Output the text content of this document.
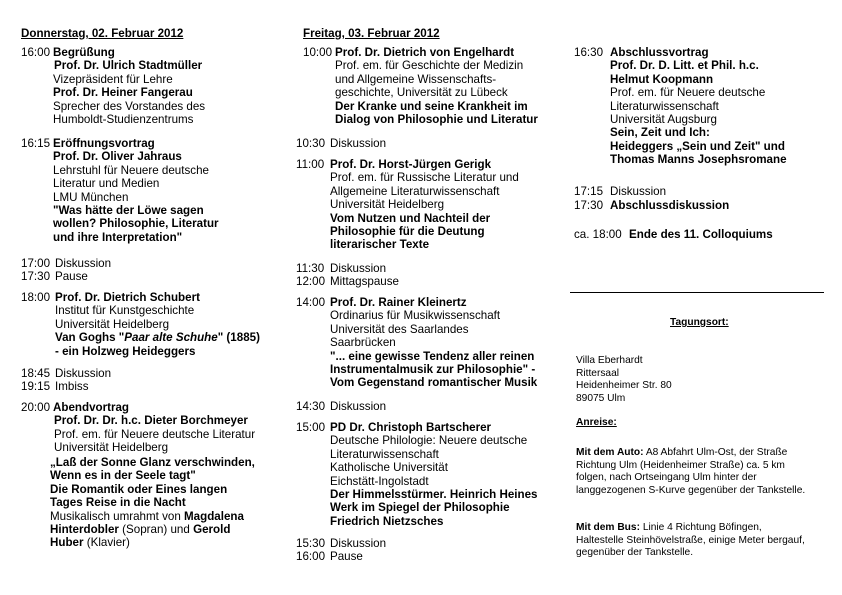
Donnerstag, 02. Februar 2012
16:00 Begrüßung
Prof. Dr. Ulrich Stadtmüller
Vizepräsident für Lehre
Prof. Dr. Heiner Fangerau
Sprecher des Vorstandes des
Humboldt-Studienzentrums
16:15 Eröffnungsvortrag
Prof. Dr. Oliver Jahraus
Lehrstuhl für Neuere deutsche
Literatur und Medien
LMU München
"Was hätte der Löwe sagen
wollen? Philosophie, Literatur
und ihre Interpretation"
17:00 Diskussion
17:30 Pause
18:00 Prof. Dr. Dietrich Schubert
Institut für Kunstgeschichte
Universität Heidelberg
Van Goghs "Paar alte Schuhe" (1885)
- ein Holzweg Heideggers
18:45 Diskussion
19:15 Imbiss
20:00 Abendvortrag
Prof. Dr. Dr. h.c. Dieter Borchmeyer
Prof. em. für Neuere deutsche Literatur
Universität Heidelberg
„Laß der Sonne Glanz verschwinden,
Wenn es in der Seele tagt"
Die Romantik oder Eines langen
Tages Reise in die Nacht
Musikalisch umrahmt von Magdalena
Hinterdobler (Sopran) und Gerold
Huber (Klavier)
Freitag, 03. Februar 2012
10:00 Prof. Dr. Dietrich von Engelhardt
Prof. em. für Geschichte der Medizin
und Allgemeine Wissenschafts-
geschichte, Universität zu Lübeck
Der Kranke und seine Krankheit im
Dialog von Philosophie und Literatur
10:30 Diskussion
11:00 Prof. Dr. Horst-Jürgen Gerigk
Prof. em. für Russische Literatur und
Allgemeine Literaturwissenschaft
Universität Heidelberg
Vom Nutzen und Nachteil der
Philosophie für die Deutung
literarischer Texte
11:30 Diskussion
12:00 Mittagspause
14:00 Prof. Dr. Rainer Kleinertz
Ordinarius für Musikwissenschaft
Universität des Saarlandes
Saarbrücken
"... eine gewisse Tendenz aller reinen
Instrumentalmusik zur Philosophie" -
Vom Gegenstand romantischer Musik
14:30 Diskussion
15:00 PD Dr. Christoph Bartscherer
Deutsche Philologie: Neuere deutsche
Literaturwissenschaft
Katholische Universität
Eichstätt-Ingolstadt
Der Himmelsstürmer. Heinrich Heines
Werk im Spiegel der Philosophie
Friedrich Nietzsches
15:30 Diskussion
16:00 Pause
16:30 Abschlussvortrag
Prof. Dr. D. Litt. et Phil. h.c.
Helmut Koopmann
Prof. em. für Neuere deutsche
Literaturwissenschaft
Universität Augsburg
Sein, Zeit und Ich:
Heideggers „Sein und Zeit" und
Thomas Manns Josephsromane
17:15 Diskussion
17:30 Abschlussdiskussion
ca. 18:00 Ende des 11. Colloquiums
Tagungsort:
Villa Eberhardt
Rittersaal
Heidenheimer Str. 80
89075 Ulm
Anreise:
Mit dem Auto: A8 Abfahrt Ulm-Ost, der Straße
Richtung Ulm (Heidenheimer Straße) ca. 5 km
folgen, nach Ortseingang Ulm hinter der
langgezogenen S-Kurve gegenüber der Tankstelle.
Mit dem Bus: Linie 4 Richtung Böfingen,
Haltestelle Steinhövelstraße, einige Meter bergauf,
gegenüber der Tankstelle.
